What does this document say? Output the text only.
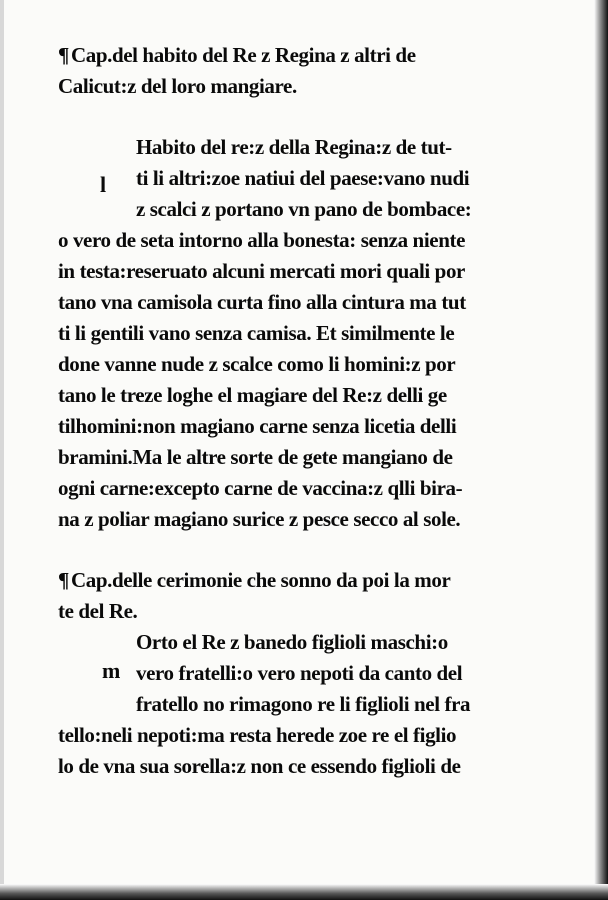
¶Cap.del habito del Re z Regina z altri de
Calicut:z del loro mangiare.
Habito del re:z della Regina:z de tut-
ti li altri:zoe natiui del paese:vano nudi
z scalci z portano vn pano de bombace:
o vero de seta intorno alla bonesta: senza niente
in testa:reseruato alcuni mercati mori quali por
tano vna camisola curta fino alla cintura ma tut
ti li gentili vano senza camisa. Et similmente le
done vanne nude z scalce como li homini:z por
tano le treze loghe el magiare del Re:z delli ge
tilhomini:non magiano carne senza licetia delli
bramini.Ma le altre sorte de gete mangiano de
ogni carne:excepto carne de vaccina:z qlli bira-
na z poliar magiano surice z pesce secco al sole.
¶Cap.delle cerimonie che sonno da poi la mor
te del Re.
Orto el Re z banedo figlioli maschi:o
vero fratelli:o vero nepoti da canto del
fratello no rimagono re li figlioli nel fra
tello:neli nepoti:ma resta herede zoe re el figlio
lo de vna sua sorella:z non ce essendo figlioli de
l
m
